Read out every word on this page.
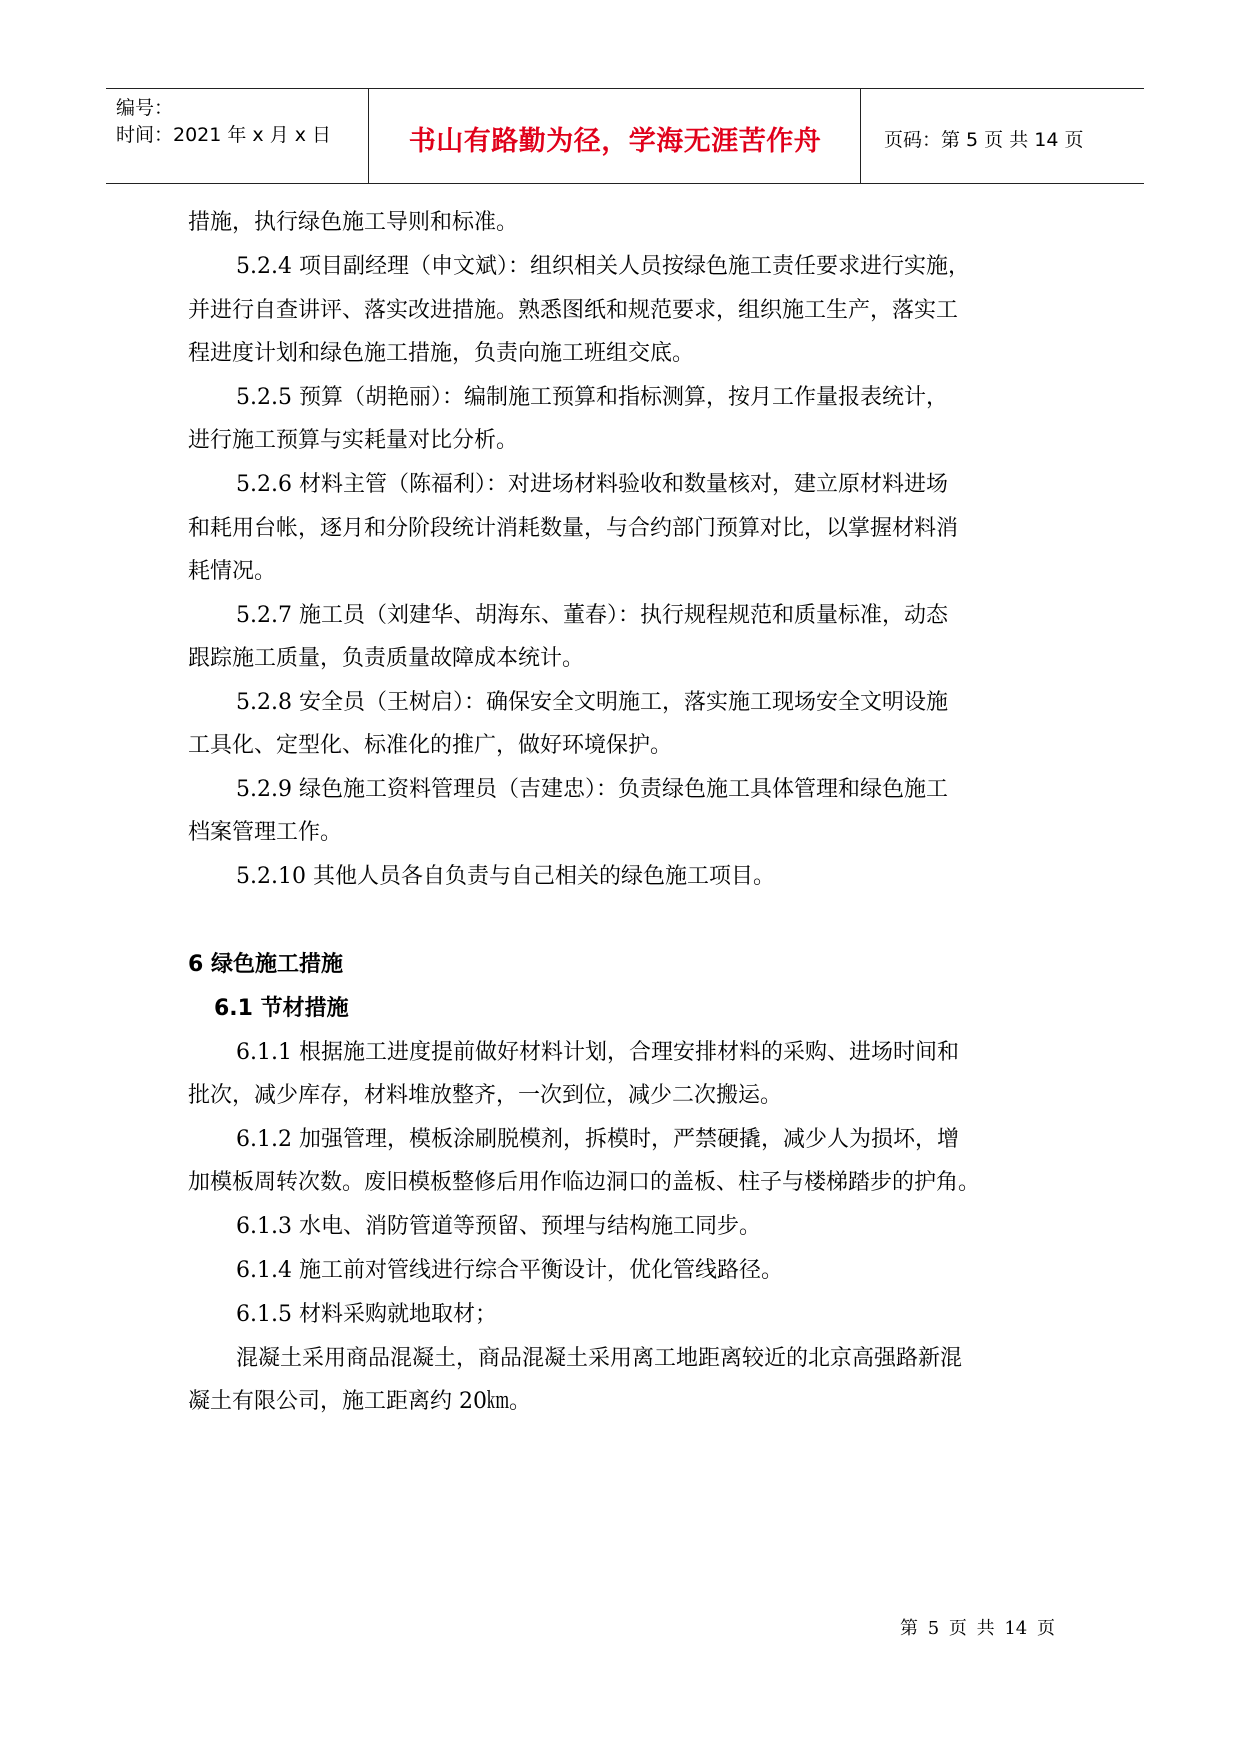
编号：
时间：2021 年 x 月 x 日	书山有路勤为径，学海无涯苦作舟	页码：第 5 页 共 14 页
措施，执行绿色施工导则和标准。
5.2.4 项目副经理（申文斌）：组织相关人员按绿色施工责任要求进行实施，
并进行自查讲评、落实改进措施。熟悉图纸和规范要求，组织施工生产，落实工
程进度计划和绿色施工措施，负责向施工班组交底。
5.2.5 预算（胡艳丽）：编制施工预算和指标测算，按月工作量报表统计，
进行施工预算与实耗量对比分析。
5.2.6 材料主管（陈福利）：对进场材料验收和数量核对，建立原材料进场
和耗用台帐，逐月和分阶段统计消耗数量，与合约部门预算对比，以掌握材料消
耗情况。
5.2.7 施工员（刘建华、胡海东、董春）：执行规程规范和质量标准，动态
跟踪施工质量，负责质量故障成本统计。
5.2.8 安全员（王树启）：确保安全文明施工，落实施工现场安全文明设施
工具化、定型化、标准化的推广，做好环境保护。
5.2.9 绿色施工资料管理员（吉建忠）：负责绿色施工具体管理和绿色施工
档案管理工作。
5.2.10 其他人员各自负责与自己相关的绿色施工项目。
6 绿色施工措施
6.1 节材措施
6.1.1 根据施工进度提前做好材料计划，合理安排材料的采购、进场时间和
批次，减少库存，材料堆放整齐，一次到位，减少二次搬运。
6.1.2 加强管理，模板涂刷脱模剂，拆模时，严禁硬撬，减少人为损坏，增
加模板周转次数。废旧模板整修后用作临边洞口的盖板、柱子与楼梯踏步的护角。
6.1.3 水电、消防管道等预留、预埋与结构施工同步。
6.1.4 施工前对管线进行综合平衡设计，优化管线路径。
6.1.5 材料采购就地取材；
混凝土采用商品混凝土，商品混凝土采用离工地距离较近的北京高强路新混
凝土有限公司，施工距离约 20㎞。
第 5 页 共 14 页
